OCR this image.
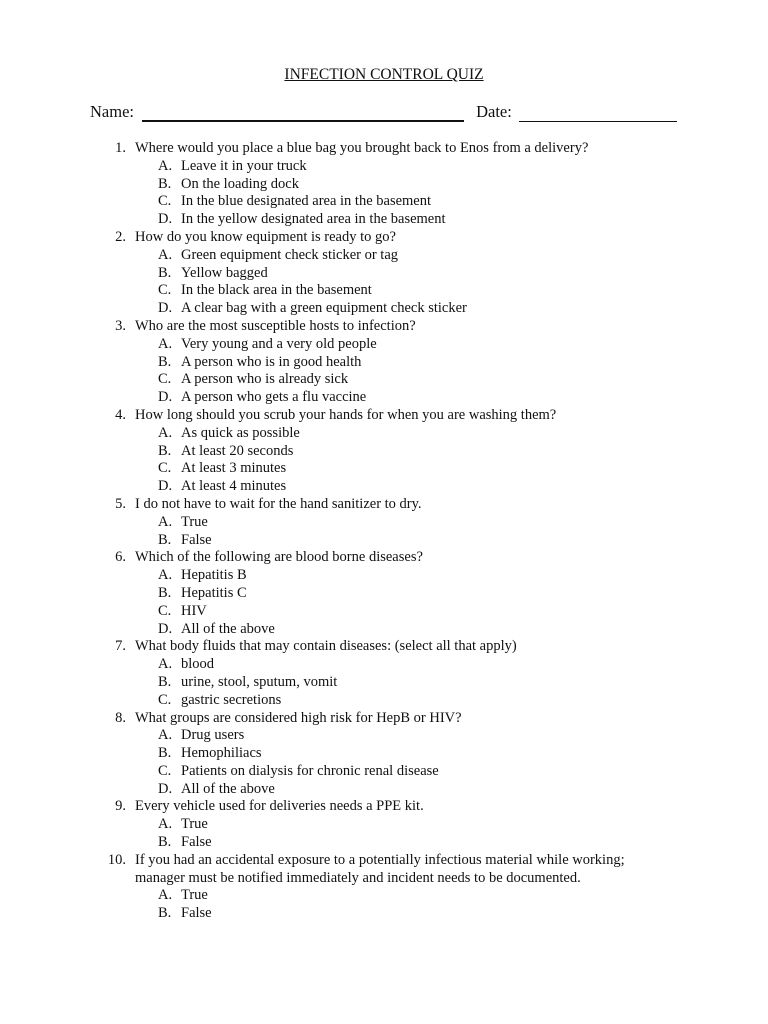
INFECTION CONTROL QUIZ
Name:	Date:
1. Where would you place a blue bag you brought back to Enos from a delivery?
A. Leave it in your truck
B. On the loading dock
C. In the blue designated area in the basement
D. In the yellow designated area in the basement
2. How do you know equipment is ready to go?
A. Green equipment check sticker or tag
B. Yellow bagged
C. In the black area in the basement
D. A clear bag with a green equipment check sticker
3. Who are the most susceptible hosts to infection?
A. Very young and a very old people
B. A person who is in good health
C. A person who is already sick
D. A person who gets a flu vaccine
4. How long should you scrub your hands for when you are washing them?
A. As quick as possible
B. At least 20 seconds
C. At least 3 minutes
D. At least 4 minutes
5. I do not have to wait for the hand sanitizer to dry.
A. True
B. False
6. Which of the following are blood borne diseases?
A. Hepatitis B
B. Hepatitis C
C. HIV
D. All of the above
7. What body fluids that may contain diseases: (select all that apply)
A. blood
B. urine, stool, sputum, vomit
C. gastric secretions
8. What groups are considered high risk for HepB or HIV?
A. Drug users
B. Hemophiliacs
C. Patients on dialysis for chronic renal disease
D. All of the above
9. Every vehicle used for deliveries needs a PPE kit.
A. True
B. False
10. If you had an accidental exposure to a potentially infectious material while working; manager must be notified immediately and incident needs to be documented.
A. True
B. False
